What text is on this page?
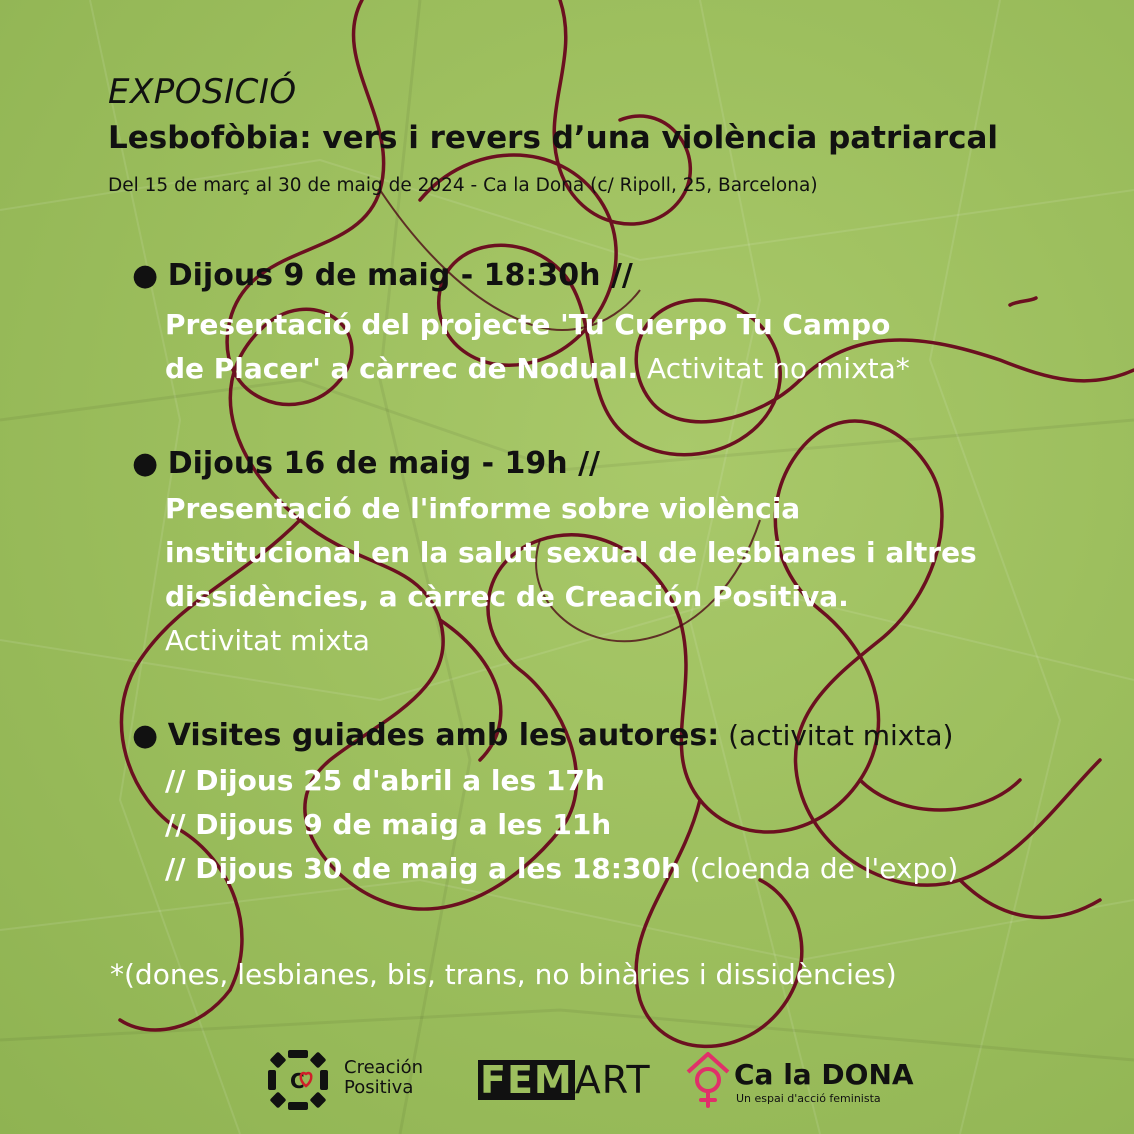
EXPOSICIÓ
Lesbofòbia: vers i revers d’una violència patriarcal
Del 15 de març al 30 de maig de 2024 - Ca la Dona (c/ Ripoll, 25, Barcelona)
● Dijous 9 de maig - 18:30h //
Presentació del projecte 'Tu Cuerpo Tu Campo
de Placer' a càrrec de Nodual. Activitat no mixta*
● Dijous 16 de maig - 19h //
Presentació de l'informe sobre violència
institucional en la salut sexual de lesbianes i altres
dissidències, a càrrec de Creación Positiva.
Activitat mixta
● Visites guiades amb les autores: (activitat mixta)
// Dijous 25 d'abril a les 17h
// Dijous 9 de maig a les 11h
// Dijous 30 de maig a les 18:30h (cloenda de l'expo)
*(dones, lesbianes, bis, trans, no binàries i dissidències)
C
Creación
Positiva FEMART	Ca la DONA
Un espai d'acció feminista
